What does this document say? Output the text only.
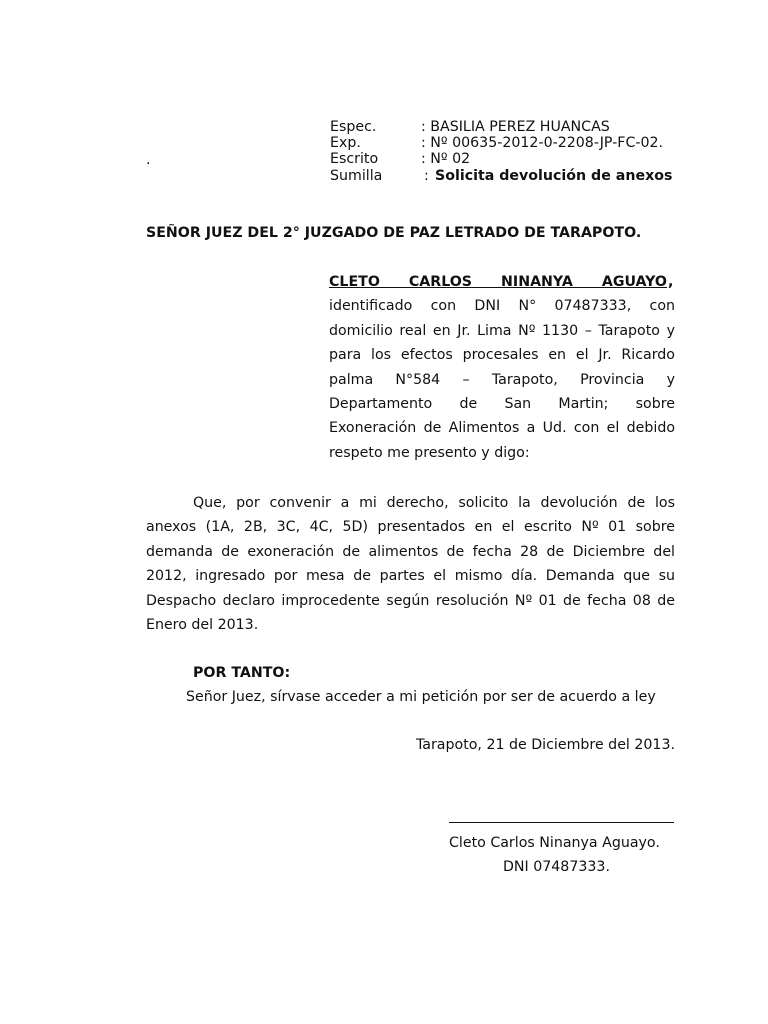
.
Espec.	: BASILIA PEREZ HUANCAS
Exp.	: Nº 00635-2012-0-2208-JP-FC-02.
Escrito	: Nº 02
Sumilla	: Solicita devolución de anexos
SEÑOR JUEZ DEL 2° JUZGADO DE PAZ LETRADO DE TARAPOTO.
CLETO CARLOS NINANYA AGUAYO ,
identificado con DNI N° 07487333, con
domicilio real en Jr. Lima Nº 1130 – Tarapoto y
para los efectos procesales en el Jr. Ricardo
palma N°584 – Tarapoto, Provincia y
Departamento de San Martin; sobre
Exoneración de Alimentos a Ud. con el debido
respeto me presento y digo:
Que, por convenir a mi derecho, solicito la devolución de los
anexos (1A, 2B, 3C, 4C, 5D) presentados en el escrito Nº 01 sobre
demanda de exoneración de alimentos de fecha 28 de Diciembre del
2012, ingresado por mesa de partes el mismo día. Demanda que su
Despacho declaro improcedente según resolución Nº 01 de fecha 08 de
Enero del 2013.
POR TANTO:
Señor Juez, sírvase acceder a mi petición por ser de acuerdo a ley
Tarapoto, 21 de Diciembre del 2013.
Cleto Carlos Ninanya Aguayo.
DNI 07487333.
